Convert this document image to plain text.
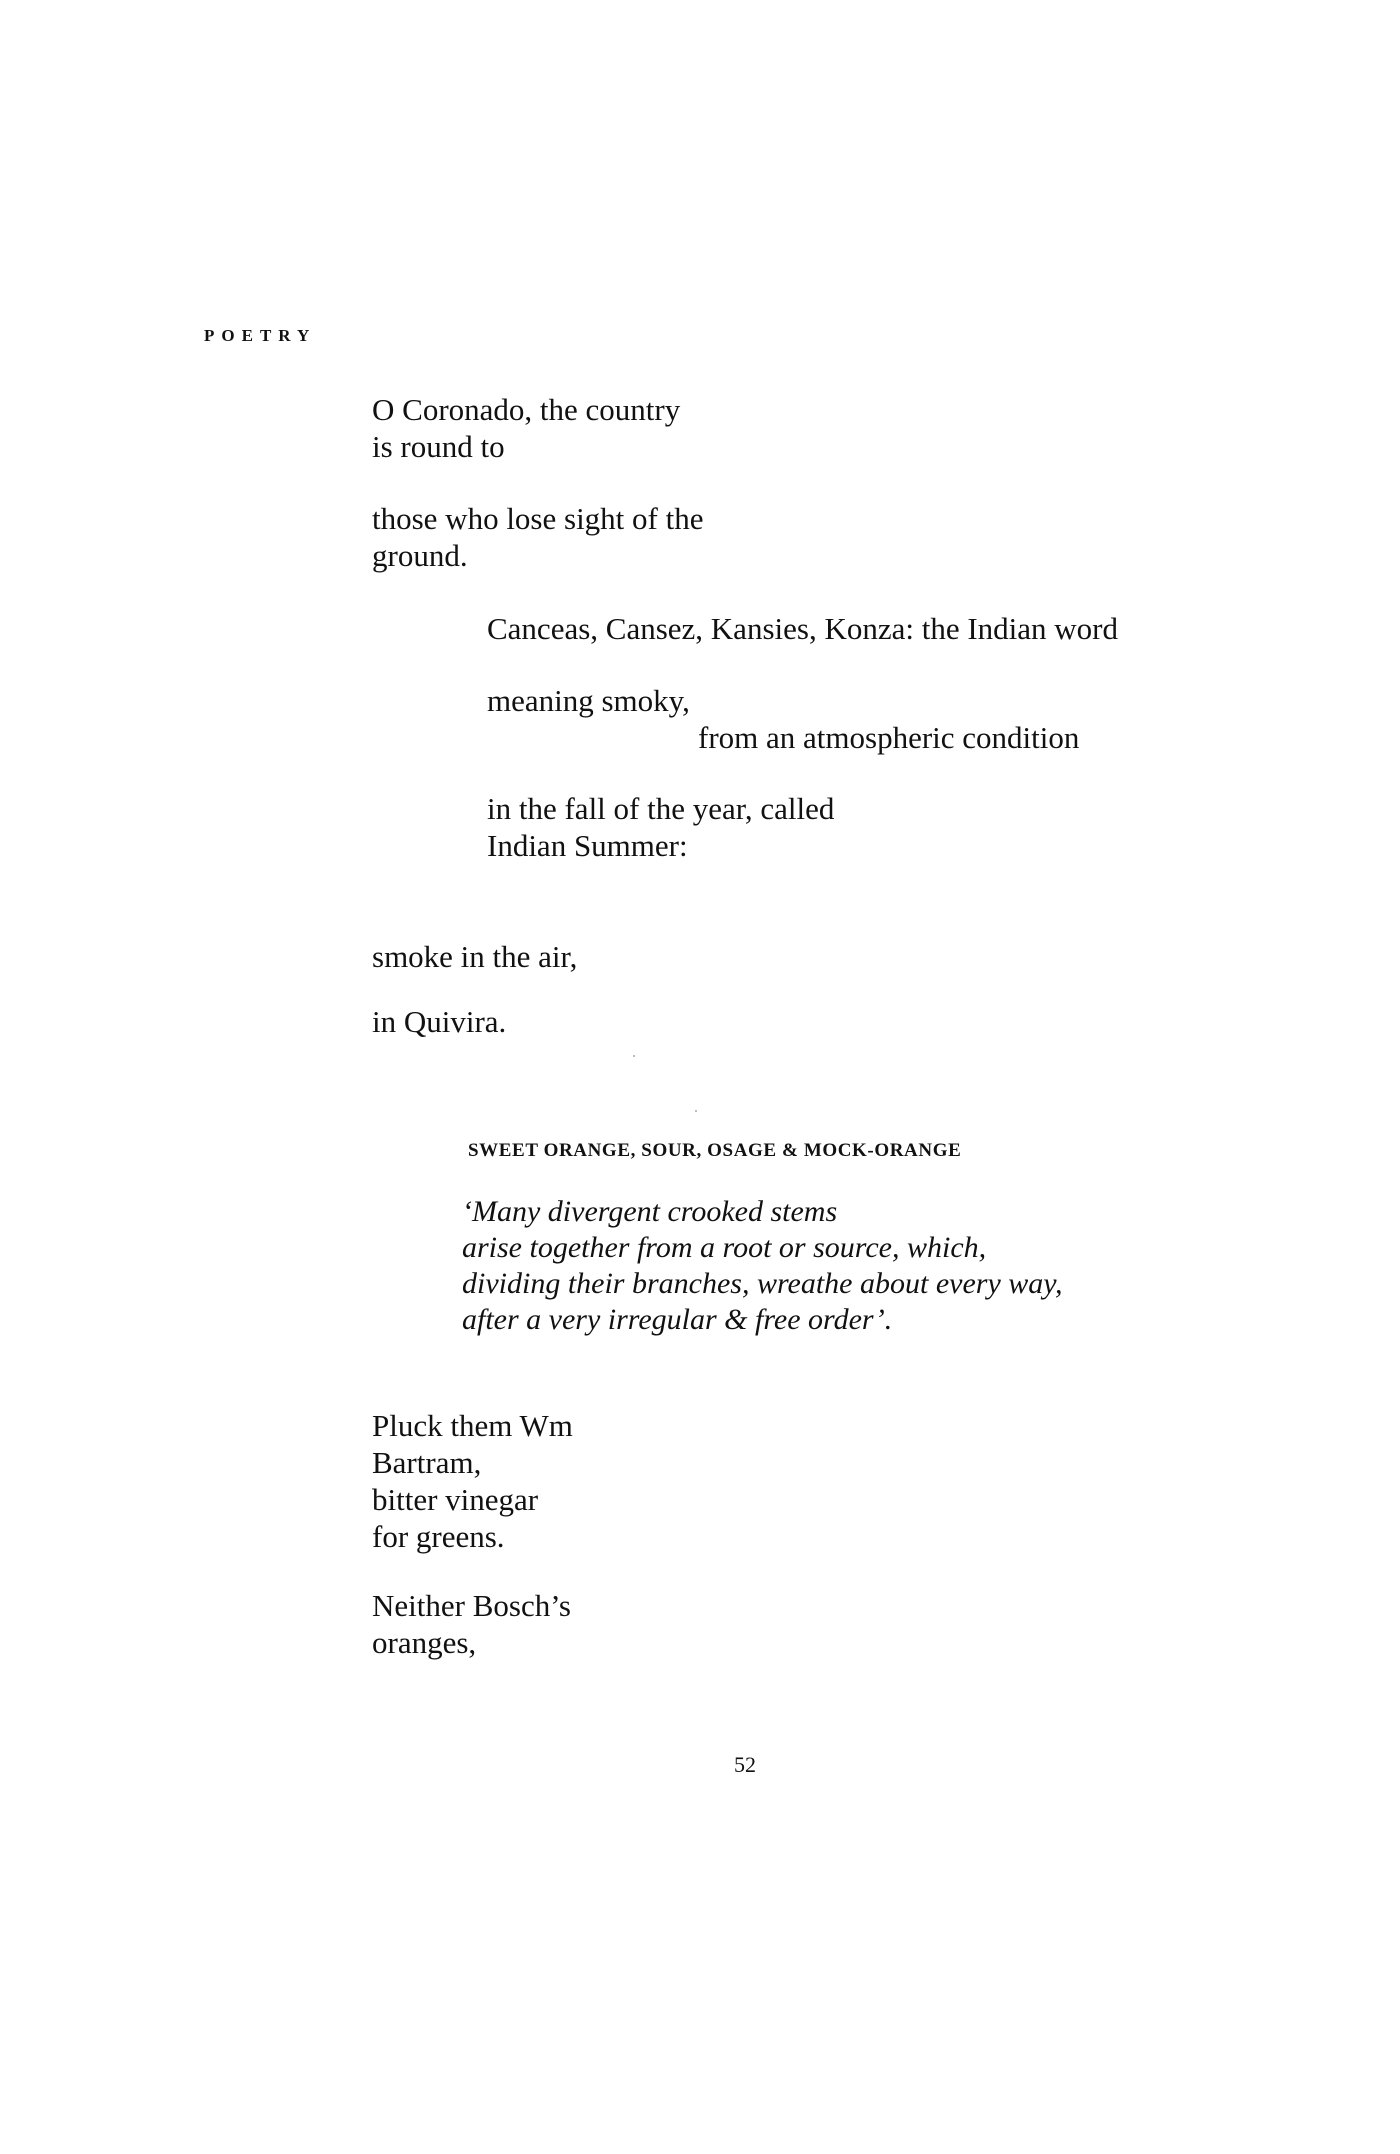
POETRY
O Coronado, the country
is round to
those who lose sight of the
ground.
Canceas, Cansez, Kansies, Konza: the Indian word
meaning smoky,
from an atmospheric condition
in the fall of the year, called
Indian Summer:
smoke in the air,
in Quivira.
SWEET ORANGE, SOUR, OSAGE & MOCK-ORANGE
‘Many divergent crooked stems
arise together from a root or source, which,
dividing their branches, wreathe about every way,
after a very irregular & free order’.
Pluck them Wm
Bartram,
bitter vinegar
for greens.
Neither Bosch’s
oranges,
52
